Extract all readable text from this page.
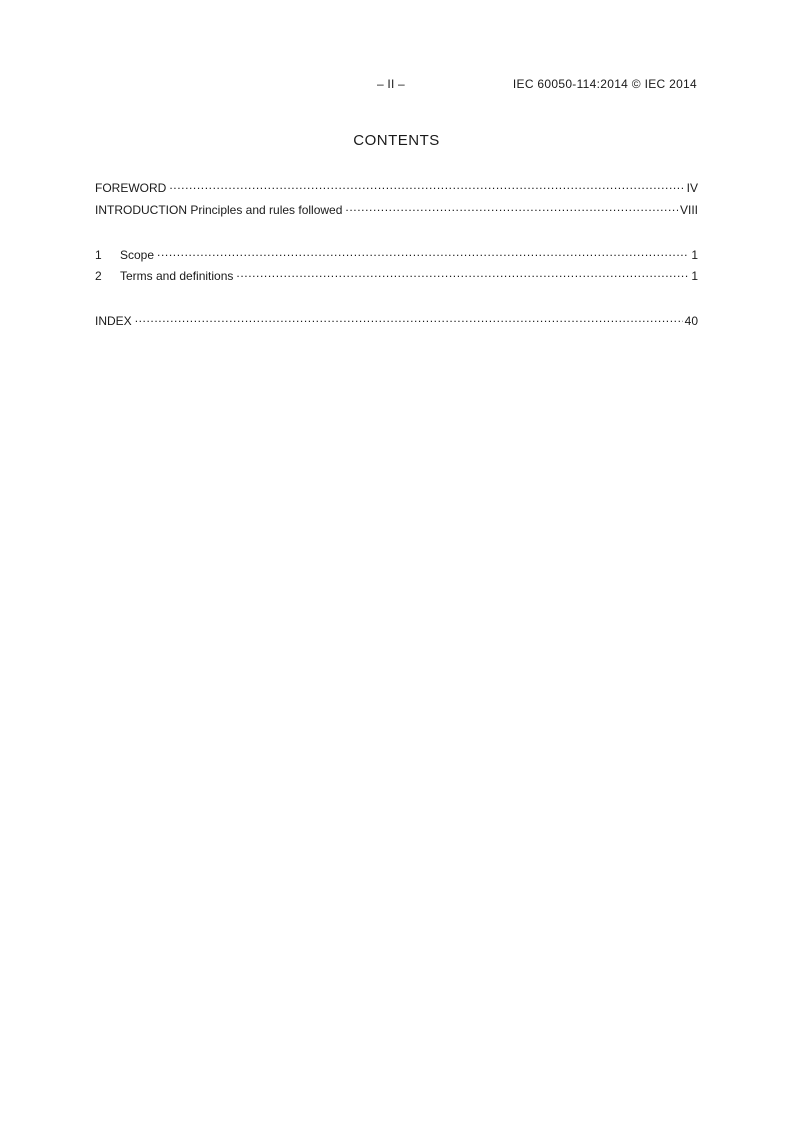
– II –	IEC 60050-114:2014 © IEC 2014
CONTENTS
FOREWORD .....	IV
INTRODUCTION Principles and rules followed .....	VIII
1	Scope .....	1
2	Terms and definitions .....	1
INDEX .....	40
